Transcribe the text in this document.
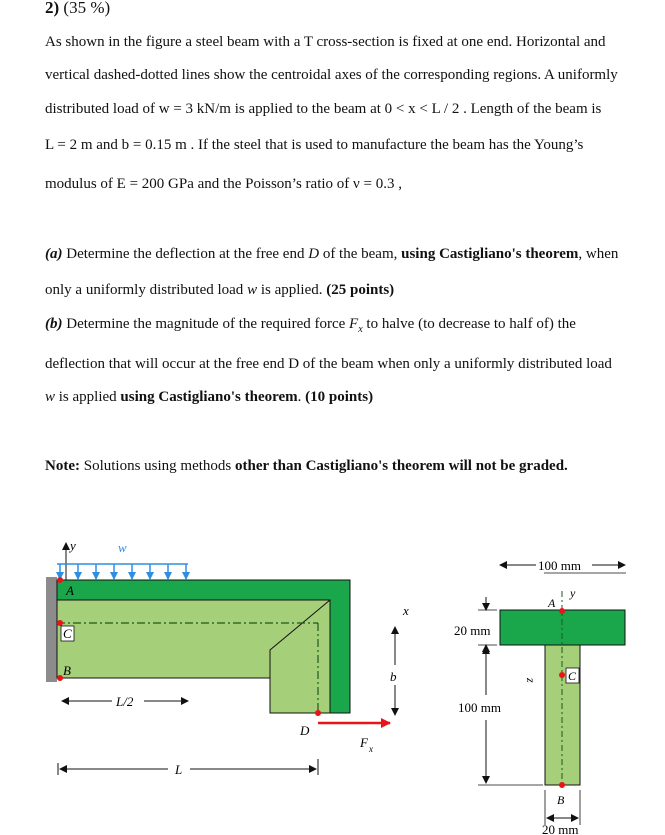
2) (35 %)
As shown in the figure a steel beam with a T cross-section is fixed at one end. Horizontal and
vertical dashed-dotted lines show the centroidal axes of the corresponding regions. A uniformly
distributed load of w = 3 kN/m is applied to the beam at 0 < x < L / 2 . Length of the beam is
L = 2 m and b = 0.15 m . If the steel that is used to manufacture the beam has the Young’s
modulus of E = 200 GPa and the Poisson’s ratio of ν = 0.3 ,
(a) Determine the deflection at the free end D of the beam, using Castigliano's theorem, when
only a uniformly distributed load w is applied. (25 points)
(b) Determine the magnitude of the required force $F_x$ to halve (to decrease to half of) the
deflection that will occur at the free end D of the beam when only a uniformly distributed load
w is applied using Castigliano's theorem. (10 points)
Note: Solutions using methods other than Castigliano's theorem will not be graded.
y	w
A
C
B
L/2
D
F x
L
x
b
100 mm
y
A
C
B
z
20 mm
100 mm
20 mm
